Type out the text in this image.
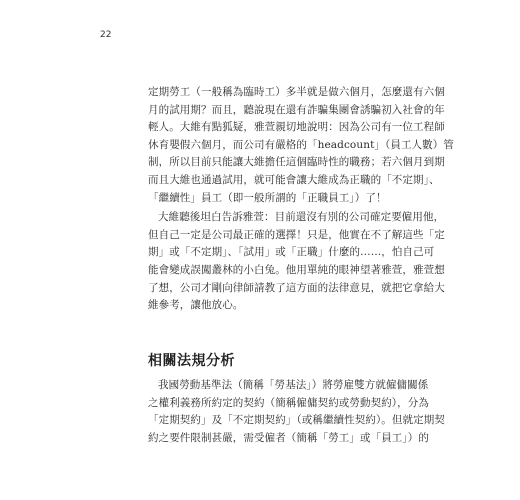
22

定期勞工（一般稱為臨時工）多半就是做六個月，怎麼還有六個
月的試用期？而且，聽說現在還有詐騙集團會誘騙初入社會的年
輕人。大維有點狐疑，雅萱親切地說明：因為公司有一位工程師
休育嬰假六個月，而公司有嚴格的「headcount」（員工人數）管
制，所以目前只能讓大維擔任這個臨時性的職務；若六個月到期
而且大維也通過試用，就可能會讓大維成為正職的「不定期」、
「繼續性」員工（即一般所謂的「正職員工」）了！

大維聽後坦白告訴雅萱：目前還沒有別的公司確定要僱用他，
但自己一定是公司最正確的選擇！只是，他實在不了解這些「定
期」或「不定期」、「試用」或「正職」什麼的……，怕自己可
能會變成誤闖叢林的小白兔。他用單純的眼神望著雅萱，雅萱想
了想，公司才剛向律師請教了這方面的法律意見，就把它拿給大
維參考，讓他放心。

相關法規分析

我國勞動基準法（簡稱「勞基法」）將勞雇雙方就僱傭關係
之權利義務所約定的契約（簡稱僱傭契約或勞動契約），分為
「定期契約」及「不定期契約」（或稱繼續性契約）。但就定期契
約之要件限制甚嚴，需受僱者（簡稱「勞工」或「員工」）的
